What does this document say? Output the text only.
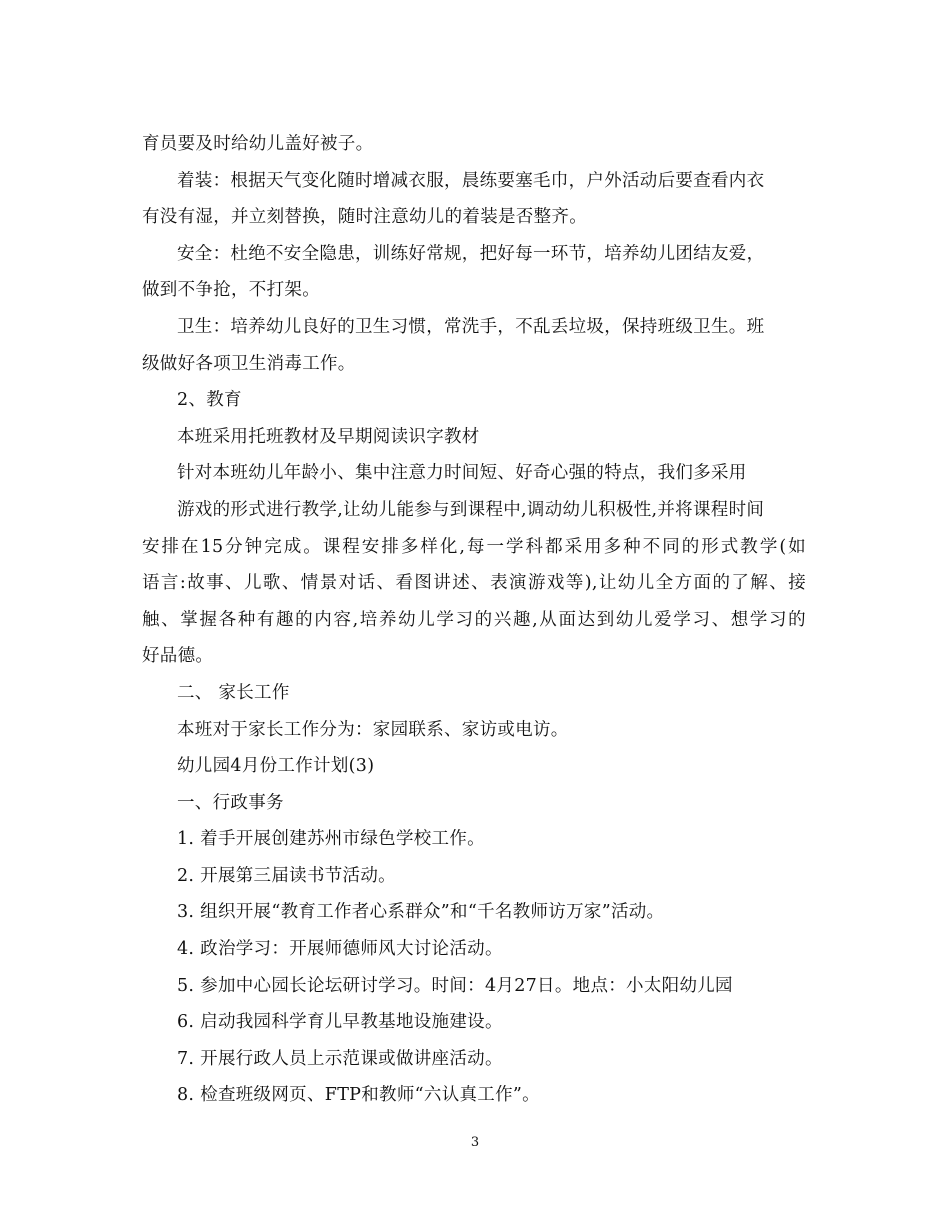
育员要及时给幼儿盖好被子。
着装：根据天气变化随时增减衣服，晨练要塞毛巾，户外活动后要查看内衣
有没有湿，并立刻替换，随时注意幼儿的着装是否整齐。
安全：杜绝不安全隐患，训练好常规，把好每一环节，培养幼儿团结友爱，
做到不争抢，不打架。
卫生：培养幼儿良好的卫生习惯，常洗手，不乱丢垃圾，保持班级卫生。班
级做好各项卫生消毒工作。
2、教育
本班采用托班教材及早期阅读识字教材
针对本班幼儿年龄小、集中注意力时间短、好奇心强的特点，我们多采用
游戏的形式进行教学,让幼儿能参与到课程中,调动幼儿积极性,并将课程时间
安排在15分钟完成。课程安排多样化,每一学科都采用多种不同的形式教学(如
语言:故事、儿歌、情景对话、看图讲述、表演游戏等),让幼儿全方面的了解、接
触、掌握各种有趣的内容,培养幼儿学习的兴趣,从面达到幼儿爱学习、想学习的
好品德。
二、 家长工作
本班对于家长工作分为：家园联系、家访或电访。
幼儿园4月份工作计划(3)
一、行政事务
1. 着手开展创建苏州市绿色学校工作。
2. 开展第三届读书节活动。
3. 组织开展“教育工作者心系群众”和“千名教师访万家”活动。
4. 政治学习：开展师德师风大讨论活动。
5. 参加中心园长论坛研讨学习。时间：4月27日。地点：小太阳幼儿园
6. 启动我园科学育儿早教基地设施建设。
7. 开展行政人员上示范课或做讲座活动。
8. 检查班级网页、FTP和教师“六认真工作”。
3
